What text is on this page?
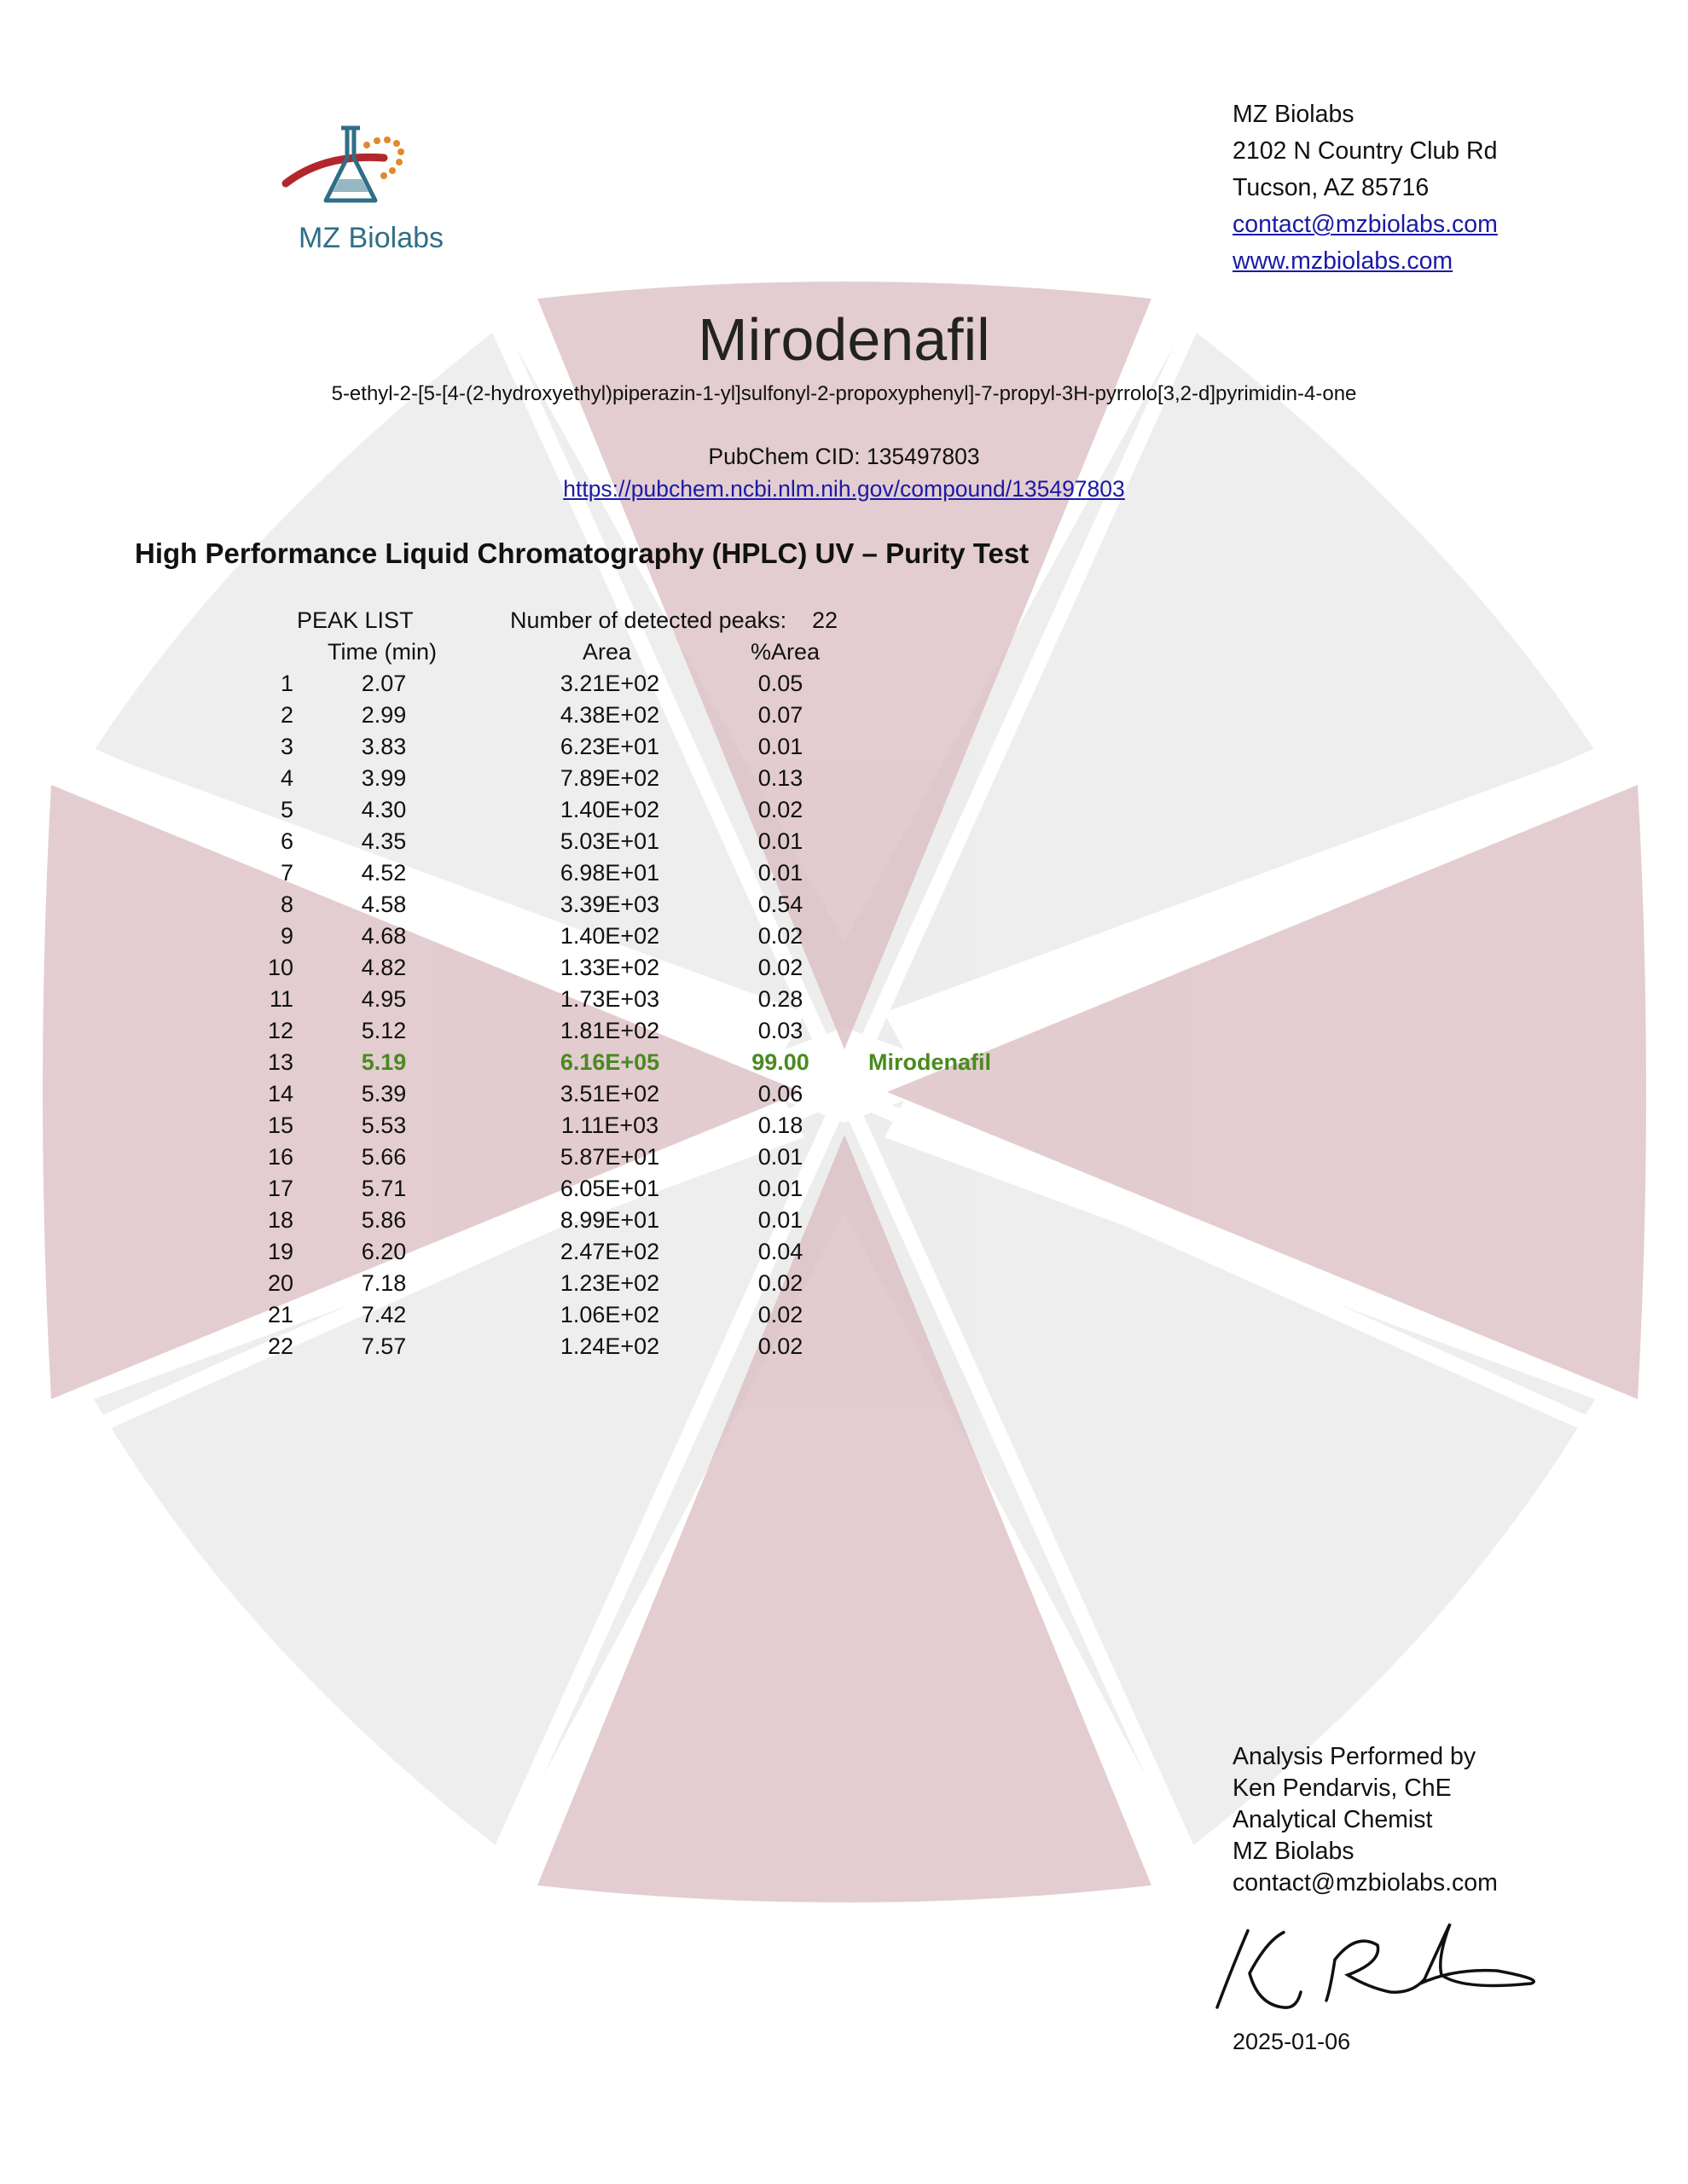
MZ Biolabs
MZ Biolabs
2102 N Country Club Rd
Tucson, AZ 85716
contact@mzbiolabs.com
www.mzbiolabs.com
Mirodenafil
5-ethyl-2-[5-[4-(2-hydroxyethyl)piperazin-1-yl]sulfonyl-2-propoxyphenyl]-7-propyl-3H-pyrrolo[3,2-d]pyrimidin-4-one
PubChem CID: 135497803
https://pubchem.ncbi.nlm.nih.gov/compound/135497803
High Performance Liquid Chromatography (HPLC) UV – Purity Test
PEAK LIST	Number of detected peaks: 22
Time (min)	Area	%Area
1	2.07	3.21E+02	0.05
2	2.99	4.38E+02	0.07
3	3.83	6.23E+01	0.01
4	3.99	7.89E+02	0.13
5	4.30	1.40E+02	0.02
6	4.35	5.03E+01	0.01
7	4.52	6.98E+01	0.01
8	4.58	3.39E+03	0.54
9	4.68	1.40E+02	0.02
10	4.82	1.33E+02	0.02
11	4.95	1.73E+03	0.28
12	5.12	1.81E+02	0.03
13	5.19	6.16E+05	99.00	Mirodenafil
14	5.39	3.51E+02	0.06
15	5.53	1.11E+03	0.18
16	5.66	5.87E+01	0.01
17	5.71	6.05E+01	0.01
18	5.86	8.99E+01	0.01
19	6.20	2.47E+02	0.04
20	7.18	1.23E+02	0.02
21	7.42	1.06E+02	0.02
22	7.57	1.24E+02	0.02
Analysis Performed by
Ken Pendarvis, ChE
Analytical Chemist
MZ Biolabs
contact@mzbiolabs.com
2025-01-06
